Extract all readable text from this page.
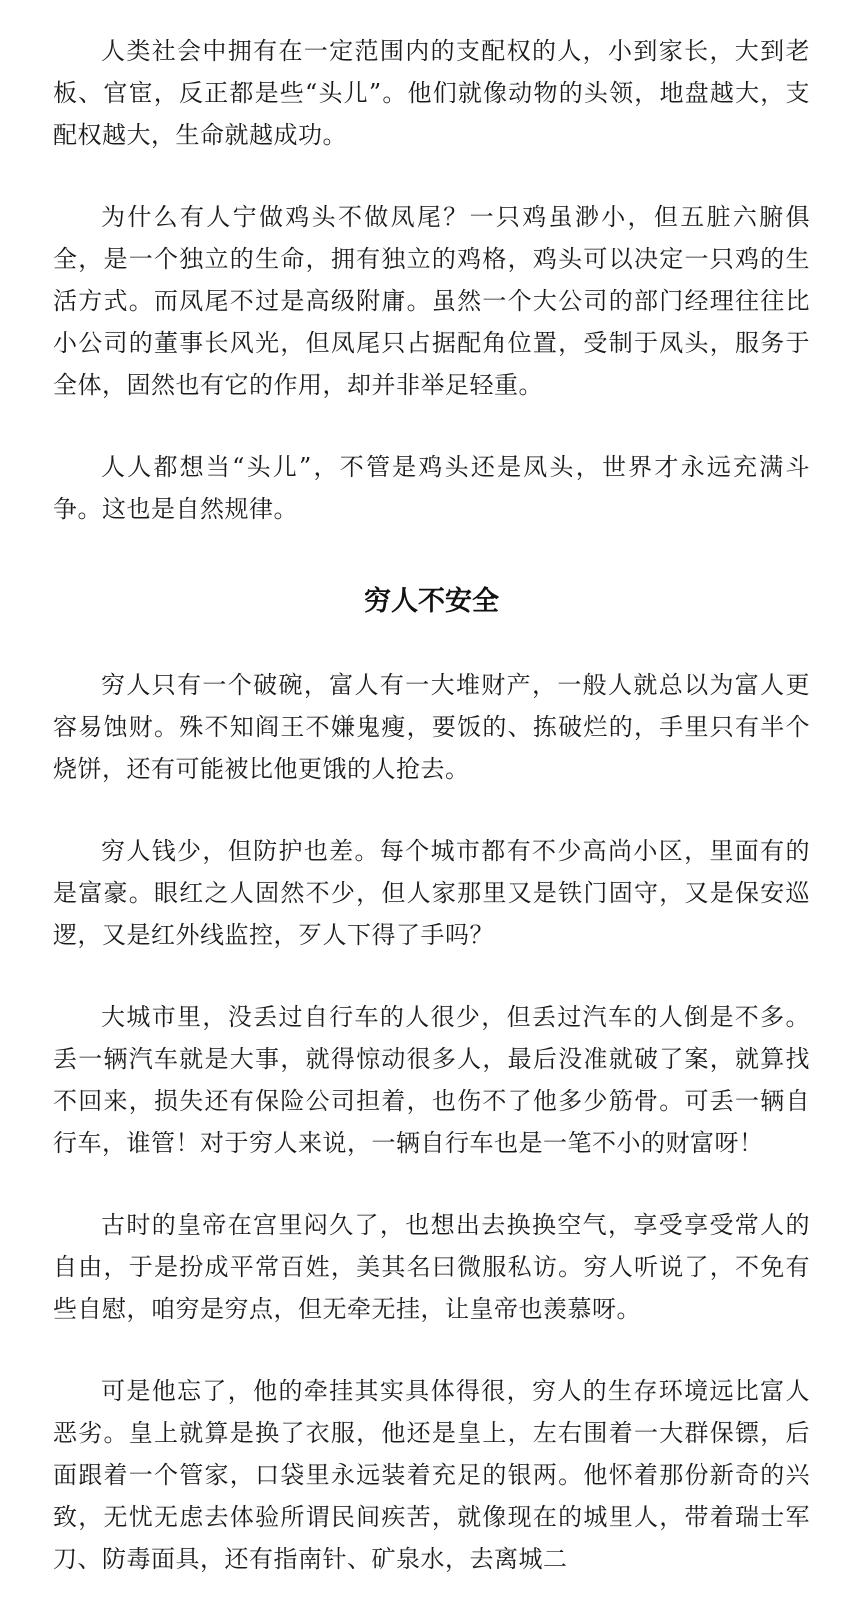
人类社会中拥有在一定范围内的支配权的人，小到家长，大到老板、官宦，反正都是些“头儿”。他们就像动物的头领，地盘越大，支配权越大，生命就越成功。

为什么有人宁做鸡头不做凤尾？一只鸡虽渺小，但五脏六腑俱全，是一个独立的生命，拥有独立的鸡格，鸡头可以决定一只鸡的生活方式。而凤尾不过是高级附庸。虽然一个大公司的部门经理往往比小公司的董事长风光，但凤尾只占据配角位置，受制于凤头，服务于全体，固然也有它的作用，却并非举足轻重。

人人都想当“头儿”，不管是鸡头还是凤头，世界才永远充满斗争。这也是自然规律。

穷人不安全

穷人只有一个破碗，富人有一大堆财产，一般人就总以为富人更容易蚀财。殊不知阎王不嫌鬼瘦，要饭的、拣破烂的，手里只有半个烧饼，还有可能被比他更饿的人抢去。

穷人钱少，但防护也差。每个城市都有不少高尚小区，里面有的是富豪。眼红之人固然不少，但人家那里又是铁门固守，又是保安巡逻，又是红外线监控，歹人下得了手吗？

大城市里，没丢过自行车的人很少，但丢过汽车的人倒是不多。丢一辆汽车就是大事，就得惊动很多人，最后没准就破了案，就算找不回来，损失还有保险公司担着，也伤不了他多少筋骨。可丢一辆自行车，谁管！对于穷人来说，一辆自行车也是一笔不小的财富呀！

古时的皇帝在宫里闷久了，也想出去换换空气，享受享受常人的自由，于是扮成平常百姓，美其名曰微服私访。穷人听说了，不免有些自慰，咱穷是穷点，但无牵无挂，让皇帝也羡慕呀。

可是他忘了，他的牵挂其实具体得很，穷人的生存环境远比富人恶劣。皇上就算是换了衣服，他还是皇上，左右围着一大群保镖，后面跟着一个管家，口袋里永远装着充足的银两。他怀着那份新奇的兴致，无忧无虑去体验所谓民间疾苦，就像现在的城里人，带着瑞士军刀、防毒面具，还有指南针、矿泉水，去离城二
